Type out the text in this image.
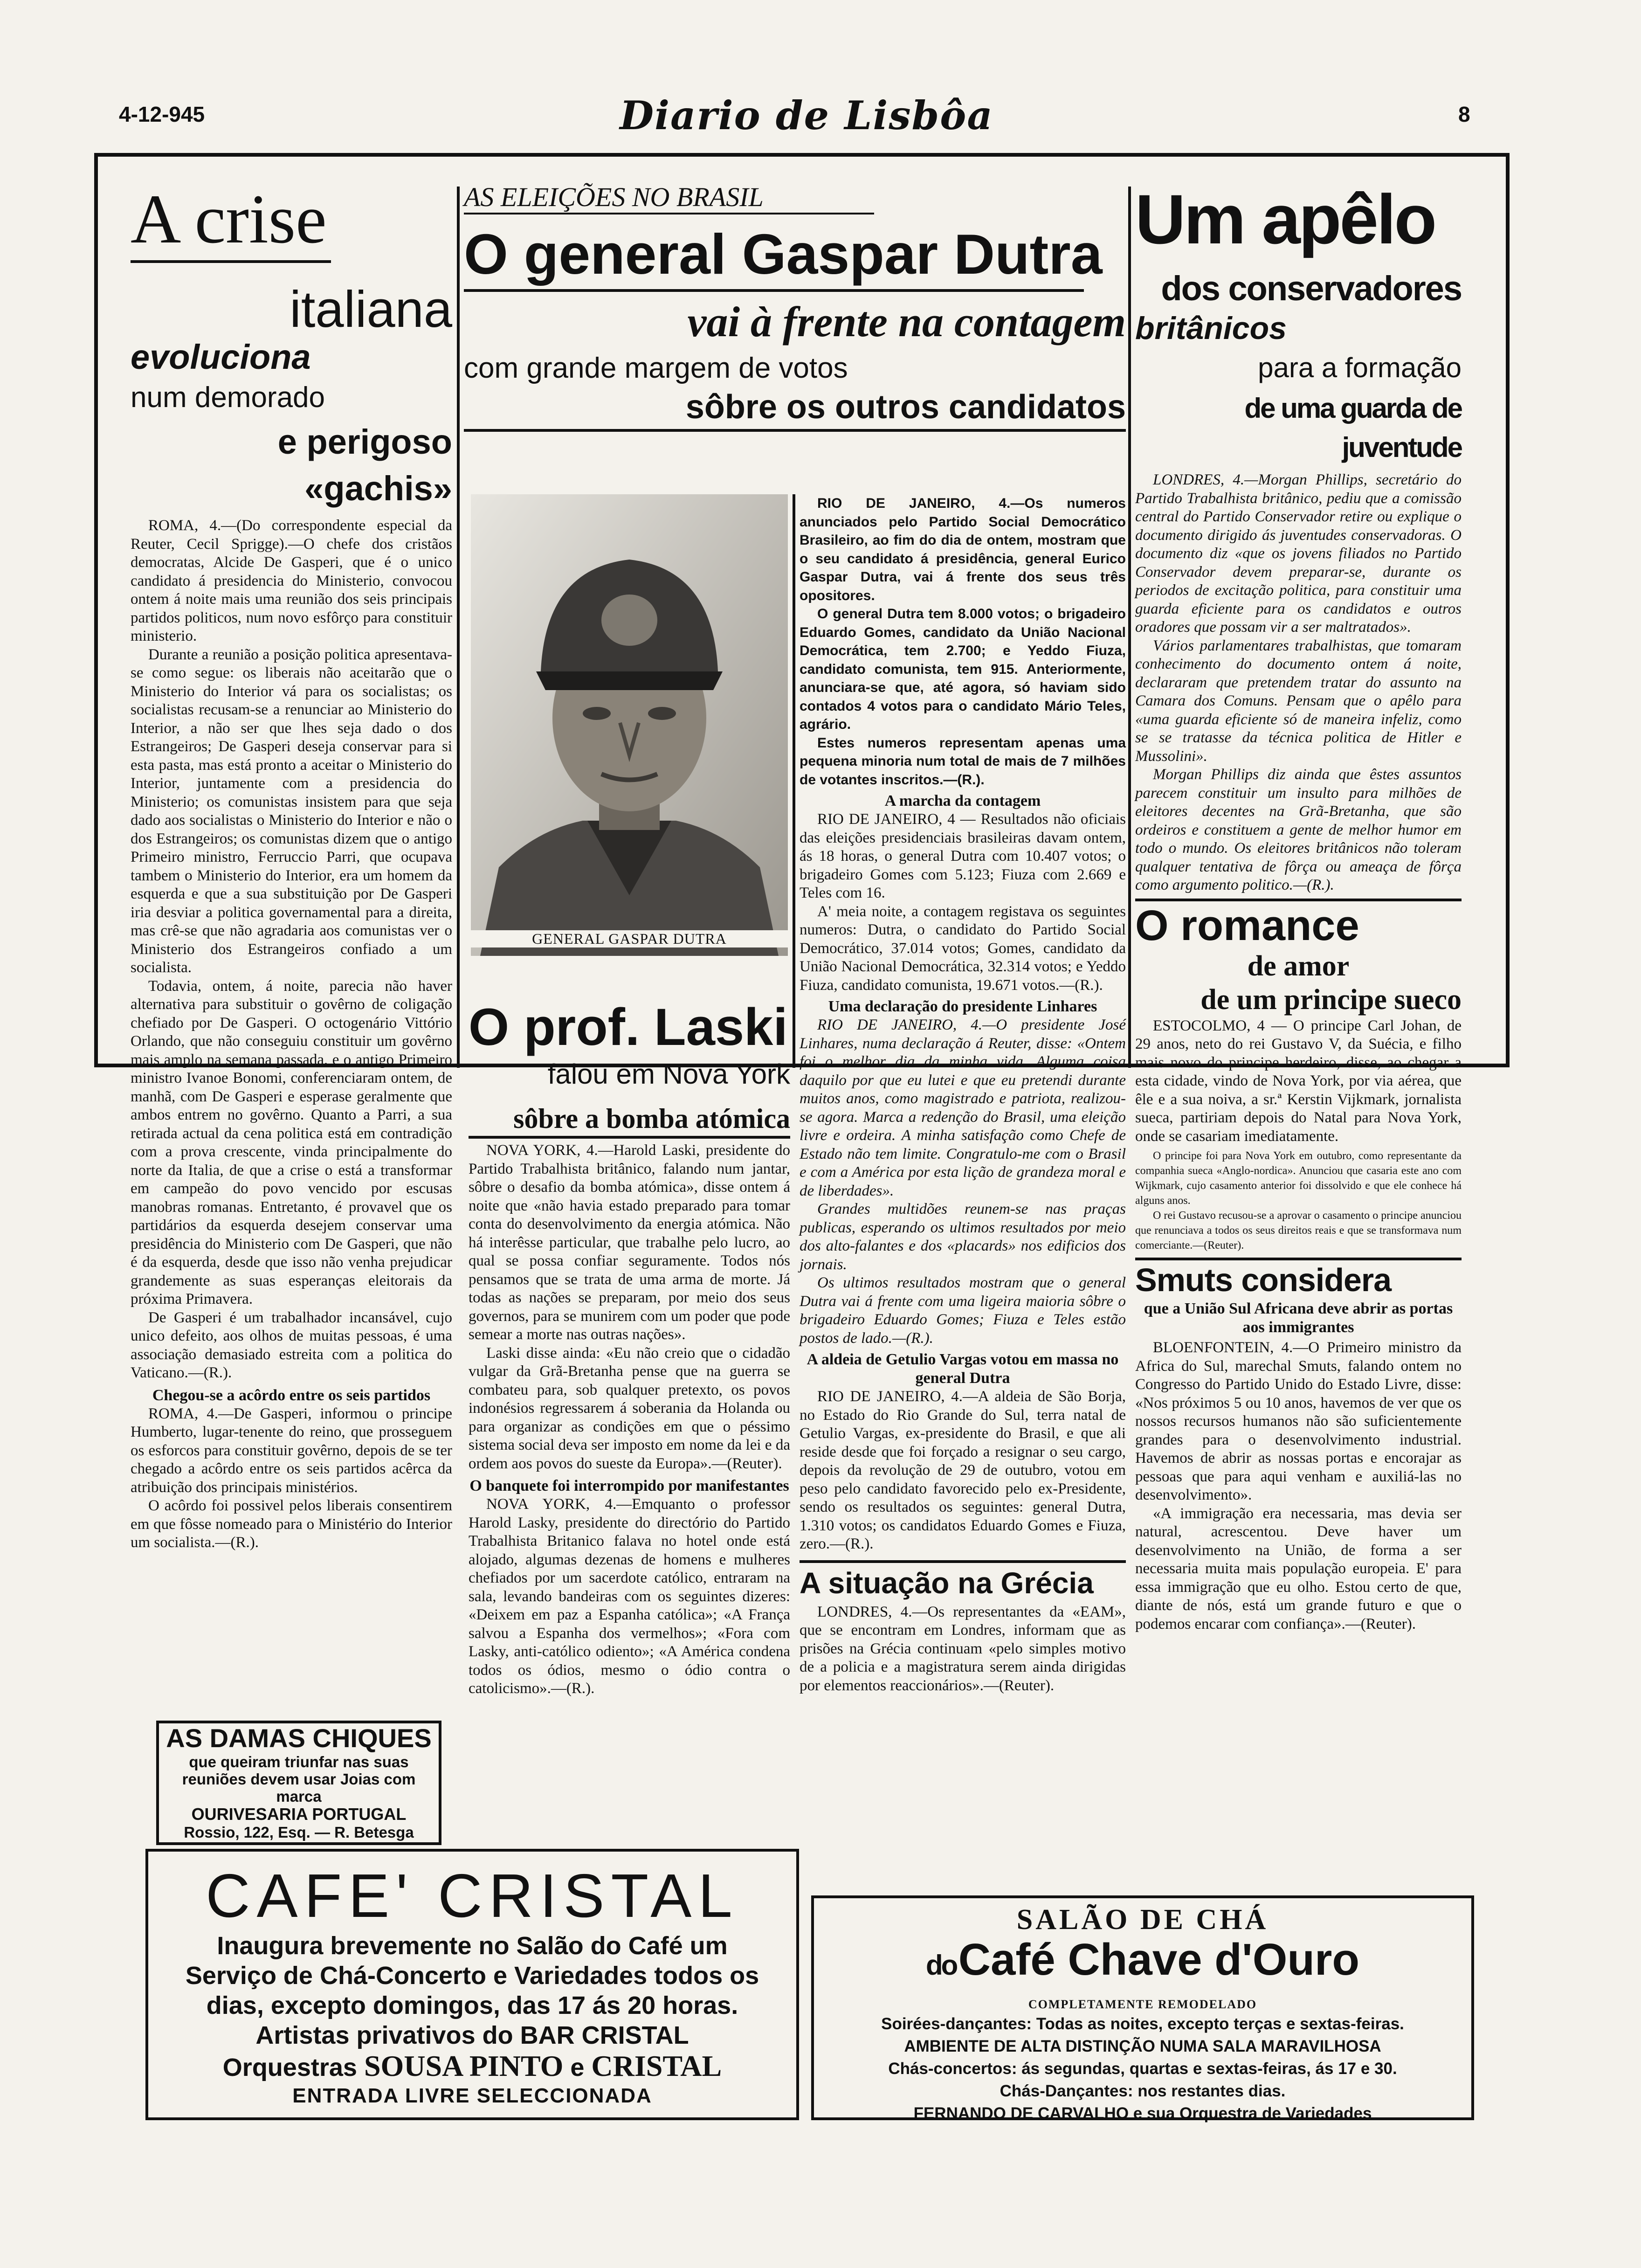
4-12-945	Diario de Lisbôa	8
A crise
italiana
evoluciona
num demorado
e perigoso «gachis»

ROMA, 4.—(Do correspondente especial da Reuter, Cecil Sprigge).—O chefe dos cristãos democratas, Alcide De Gasperi, que é o unico candidato á presidencia do Ministerio, convocou ontem á noite mais uma reunião dos seis principais partidos politicos, num novo esfôrço para constituir ministerio.

Durante a reunião a posição politica apresentava-se como segue: os liberais não aceitarão que o Ministerio do Interior vá para os socialistas; os socialistas recusam-se a renunciar ao Ministerio do Interior, a não ser que lhes seja dado o dos Estrangeiros; De Gasperi deseja conservar para si esta pasta, mas está pronto a aceitar o Ministerio do Interior, juntamente com a presidencia do Ministerio; os comunistas insistem para que seja dado aos socialistas o Ministerio do Interior e não o dos Estrangeiros; os comunistas dizem que o antigo Primeiro ministro, Ferruccio Parri, que ocupava tambem o Ministerio do Interior, era um homem da esquerda e que a sua substituição por De Gasperi iria desviar a politica governamental para a direita, mas crê-se que não agradaria aos comunistas ver o Ministerio dos Estrangeiros confiado a um socialista.

Todavia, ontem, á noite, parecia não haver alternativa para substituir o govêrno de coligação chefiado por De Gasperi. O octogenário Vittório Orlando, que não conseguiu constituir um govêrno mais amplo na semana passada, e o antigo Primeiro ministro Ivanoe Bonomi, conferenciaram ontem, de manhã, com De Gasperi e esperase geralmente que ambos entrem no govêrno. Quanto a Parri, a sua retirada actual da cena politica está em contradição com a prova crescente, vinda principalmente do norte da Italia, de que a crise o está a transformar em campeão do povo vencido por escusas manobras romanas. Entretanto, é provavel que os partidários da esquerda desejem conservar uma presidência do Ministerio com De Gasperi, que não é da esquerda, desde que isso não venha prejudicar grandemente as suas esperanças eleitorais da próxima Primavera.

De Gasperi é um trabalhador incansável, cujo unico defeito, aos olhos de muitas pessoas, é uma associação demasiado estreita com a politica do Vaticano.—(R.).

Chegou-se a acôrdo entre os seis partidos

ROMA, 4.—De Gasperi, informou o principe Humberto, lugar-tenente do reino, que prosseguem os esforcos para constituir govêrno, depois de se ter chegado a acôrdo entre os seis partidos acêrca da atribuição dos principais ministérios.

O acôrdo foi possivel pelos liberais consentirem em que fôsse nomeado para o Ministério do Interior um socialista.—(R.).

AS DAMAS CHIQUES
que queiram triunfar nas suas
reuniões devem usar Joias com
marca
OURIVESARIA PORTUGAL
Rossio, 122, Esq. — R. Betesga
AS ELEIÇÕES NO BRASIL
O general Gaspar Dutra
vai à frente na contagem
com grande margem de votos
sôbre os outros candidatos
GENERAL GASPAR DUTRA
O prof. Laski
falou em Nova York
sôbre a bomba atómica

NOVA YORK, 4.—Harold Laski, presidente do Partido Trabalhista britânico, falando num jantar, sôbre o desafio da bomba atómica», disse ontem á noite que «não havia estado preparado para tomar conta do desenvolvimento da energia atómica. Não há interêsse particular, que trabalhe pelo lucro, ao qual se possa confiar seguramente. Todos nós pensamos que se trata de uma arma de morte. Já todas as nações se preparam, por meio dos seus governos, para se munirem com um poder que pode semear a morte nas outras nações».

Laski disse ainda: «Eu não creio que o cidadão vulgar da Grã-Bretanha pense que na guerra se combateu para, sob qualquer pretexto, os povos indonésios regressarem á soberania da Holanda ou para organizar as condições em que o péssimo sistema social deva ser imposto em nome da lei e da ordem aos povos do sueste da Europa».—(Reuter).

O banquete foi interrompido por manifestantes

NOVA YORK, 4.—Emquanto o professor Harold Lasky, presidente do directório do Partido Trabalhista Britanico falava no hotel onde está alojado, algumas dezenas de homens e mulheres chefiados por um sacerdote católico, entraram na sala, levando bandeiras com os seguintes dizeres: «Deixem em paz a Espanha católica»; «A França salvou a Espanha dos vermelhos»; «Fora com Lasky, anti-católico odiento»; «A América condena todos os ódios, mesmo o ódio contra o catolicismo».—(R.).

RIO DE JANEIRO, 4.—Os numeros anunciados pelo Partido Social Democrático Brasileiro, ao fim do dia de ontem, mostram que o seu candidato á presidência, general Eurico Gaspar Dutra, vai á frente dos seus três opositores.

O general Dutra tem 8.000 votos; o brigadeiro Eduardo Gomes, candidato da União Nacional Democrática, tem 2.700; e Yeddo Fiuza, candidato comunista, tem 915. Anteriormente, anunciara-se que, até agora, só haviam sido contados 4 votos para o candidato Mário Teles, agrário.

Estes numeros representam apenas uma pequena minoria num total de mais de 7 milhões de votantes inscritos.—(R.).

A marcha da contagem

RIO DE JANEIRO, 4 — Resultados não oficiais das eleições presidenciais brasileiras davam ontem, ás 18 horas, o general Dutra com 10.407 votos; o brigadeiro Gomes com 5.123; Fiuza com 2.669 e Teles com 16.

A' meia noite, a contagem registava os seguintes numeros: Dutra, o candidato do Partido Social Democrático, 37.014 votos; Gomes, candidato da União Nacional Democrática, 32.314 votos; e Yeddo Fiuza, candidato comunista, 19.671 votos.—(R.).

Uma declaração do presidente Linhares

RIO DE JANEIRO, 4.—O presidente José Linhares, numa declaração á Reuter, disse: «Ontem foi o melhor dia da minha vida. Alguma coisa daquilo por que eu lutei e que eu pretendi durante muitos anos, como magistrado e patriota, realizou-se agora. Marca a redenção do Brasil, uma eleição livre e ordeira. A minha satisfação como Chefe de Estado não tem limite. Congratulo-me com o Brasil e com a América por esta lição de grandeza moral e de liberdades».

Grandes multidões reunem-se nas praças publicas, esperando os ultimos resultados por meio dos alto-falantes e dos «placards» nos edificios dos jornais.

Os ultimos resultados mostram que o general Dutra vai á frente com uma ligeira maioria sôbre o brigadeiro Eduardo Gomes; Fiuza e Teles estão postos de lado.—(R.).

A aldeia de Getulio Vargas votou em massa no general Dutra

RIO DE JANEIRO, 4.—A aldeia de São Borja, no Estado do Rio Grande do Sul, terra natal de Getulio Vargas, ex-presidente do Brasil, e que ali reside desde que foi forçado a resignar o seu cargo, depois da revolução de 29 de outubro, votou em peso pelo candidato favorecido pelo ex-Presidente, sendo os resultados os seguintes: general Dutra, 1.310 votos; os candidatos Eduardo Gomes e Fiuza, zero.—(R.).

A situação na Grécia

LONDRES, 4.—Os representantes da «EAM», que se encontram em Londres, informam que as prisões na Grécia continuam «pelo simples motivo de a policia e a magistratura serem ainda dirigidas por elementos reaccionários».—(Reuter).

Um apêlo
dos conservadores
britânicos
para a formação
de uma guarda de juventude

LONDRES, 4.—Morgan Phillips, secretário do Partido Trabalhista britânico, pediu que a comissão central do Partido Conservador retire ou explique o documento dirigido ás juventudes conservadoras. O documento diz «que os jovens filiados no Partido Conservador devem preparar-se, durante os periodos de excitação politica, para constituir uma guarda eficiente para os candidatos e outros oradores que possam vir a ser maltratados».

Vários parlamentares trabalhistas, que tomaram conhecimento do documento ontem á noite, declararam que pretendem tratar do assunto na Camara dos Comuns. Pensam que o apêlo para «uma guarda eficiente só de maneira infeliz, como se se tratasse da técnica politica de Hitler e Mussolini».

Morgan Phillips diz ainda que êstes assuntos parecem constituir um insulto para milhões de eleitores decentes na Grã-Bretanha, que são ordeiros e constituem a gente de melhor humor em todo o mundo. Os eleitores britânicos não toleram qualquer tentativa de fôrça ou ameaça de fôrça como argumento politico.—(R.).

O romance
de amor
de um principe sueco

ESTOCOLMO, 4 — O principe Carl Johan, de 29 anos, neto do rei Gustavo V, da Suécia, e filho mais novo do principe herdeiro, disse, ao chegar a esta cidade, vindo de Nova York, por via aérea, que êle e a sua noiva, a sr.ª Kerstin Vijkmark, jornalista sueca, partiriam depois do Natal para Nova York, onde se casariam imediatamente.

O principe foi para Nova York em outubro, como representante da companhia sueca «Anglo-nordica». Anunciou que casaria este ano com Wijkmark, cujo casamento anterior foi dissolvido e que ele conhece há alguns anos.

O rei Gustavo recusou-se a aprovar o casamento o principe anunciou que renunciava a todos os seus direitos reais e que se transformava num comerciante.—(Reuter).

Smuts considera
que a União Sul Africana deve abrir as portas aos immigrantes

BLOENFONTEIN, 4.—O Primeiro ministro da Africa do Sul, marechal Smuts, falando ontem no Congresso do Partido Unido do Estado Livre, disse: «Nos próximos 5 ou 10 anos, havemos de ver que os nossos recursos humanos não são suficientemente grandes para o desenvolvimento industrial. Havemos de abrir as nossas portas e encorajar as pessoas que para aqui venham e auxiliá-las no desenvolvimento».

«A immigração era necessaria, mas devia ser natural, acrescentou. Deve haver um desenvolvimento na União, de forma a ser necessaria muita mais população europeia. E' para essa immigração que eu olho. Estou certo de que, diante de nós, está um grande futuro e que o podemos encarar com confiança».—(Reuter).

CAFE' CRISTAL
Inaugura brevemente no Salão do Café um
Serviço de Chá-Concerto e Variedades todos os
dias, excepto domingos, das 17 ás 20 horas.
Artistas privativos do BAR CRISTAL
Orquestras SOUSA PINTO e CRISTAL
ENTRADA LIVRE SELECCIONADA
SALÃO DE CHÁ
do Café Chave d'Ouro
COMPLETAMENTE REMODELADO
Soirées-dançantes: Todas as noites, excepto terças e sextas-feiras.
AMBIENTE DE ALTA DISTINÇÃO NUMA SALA MARAVILHOSA
Chás-concertos: ás segundas, quartas e sextas-feiras, ás 17 e 30.
Chás-Dançantes: nos restantes dias.
FERNANDO DE CARVALHO e sua Orquestra de Variedades
